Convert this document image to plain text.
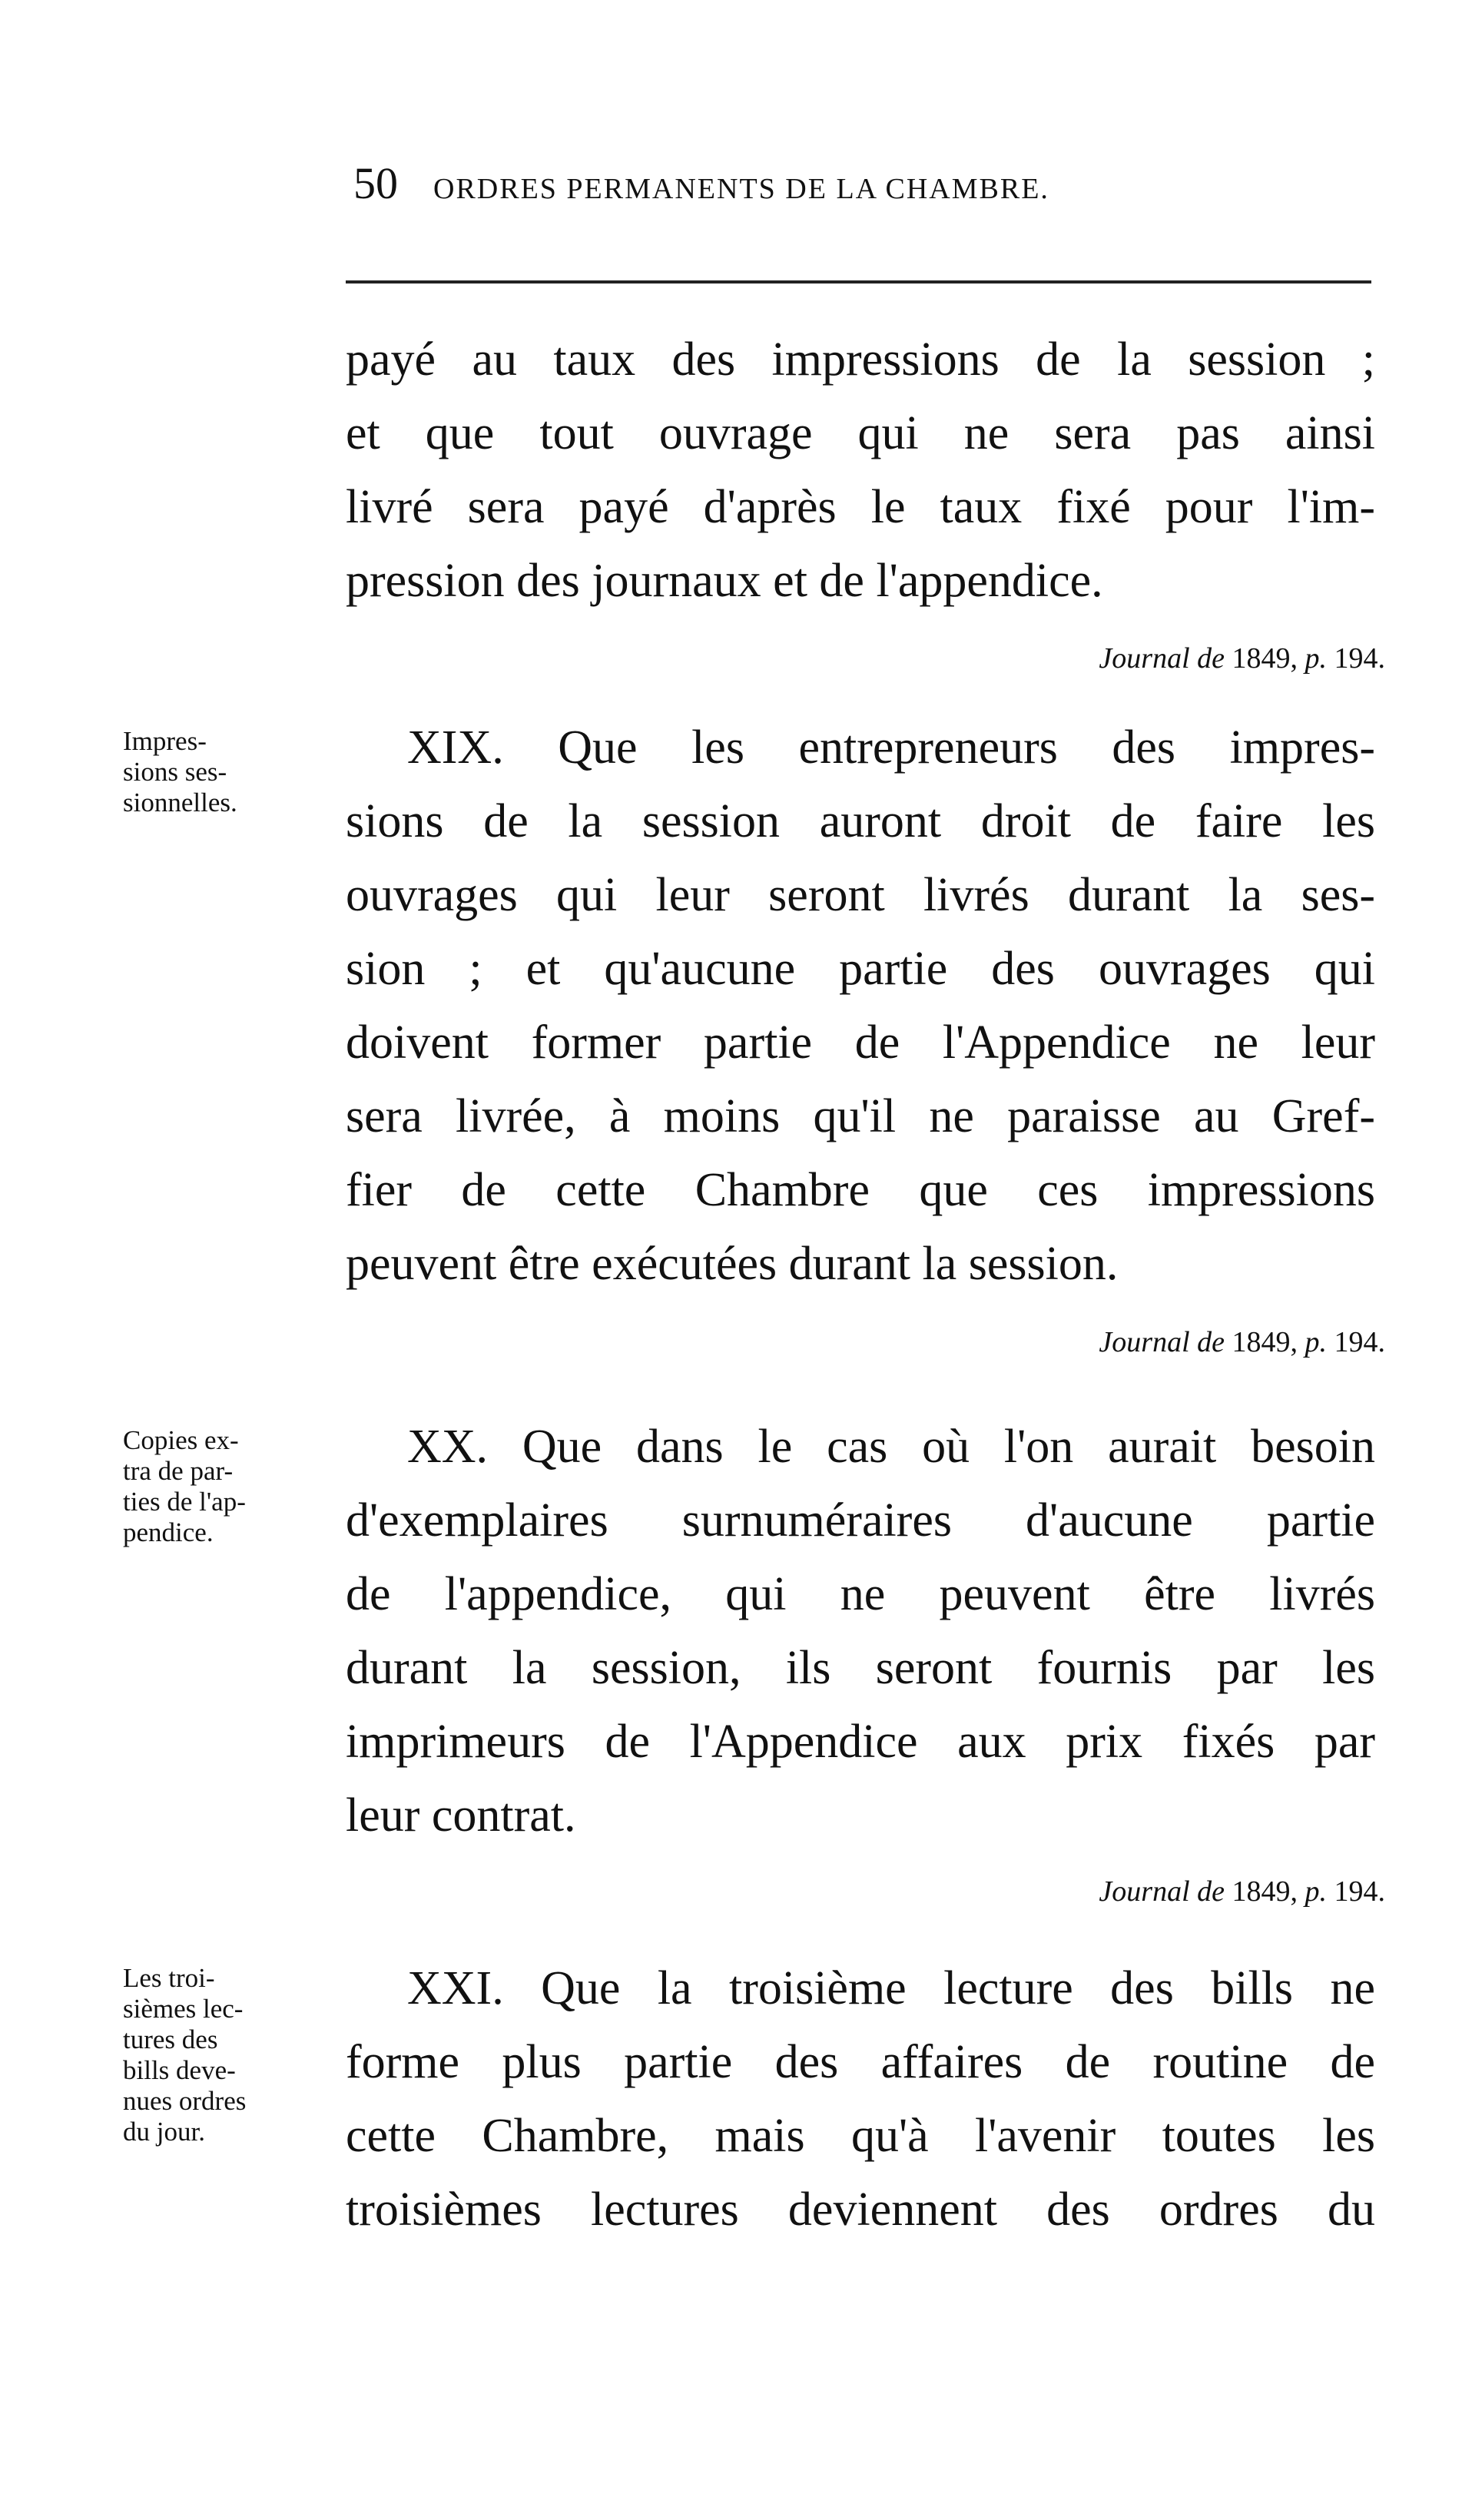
50 ORDRES PERMANENTS DE LA CHAMBRE.
payé au taux des impressions de la session ;
et que tout ouvrage qui ne sera pas ainsi
livré sera payé d'après le taux fixé pour l'im-
pression des journaux et de l'appendice.
Journal de 1849, p. 194.
Impres-
sions ses-
sionnelles.
XIX. Que les entrepreneurs des impres-
sions de la session auront droit de faire les
ouvrages qui leur seront livrés durant la ses-
sion ; et qu'aucune partie des ouvrages qui
doivent former partie de l'Appendice ne leur
sera livrée, à moins qu'il ne paraisse au Gref-
fier de cette Chambre que ces impressions
peuvent être exécutées durant la session.
Journal de 1849, p. 194.
Copies ex-
tra de par-
ties de l'ap-
pendice.
XX. Que dans le cas où l'on aurait besoin
d'exemplaires surnuméraires d'aucune partie
de l'appendice, qui ne peuvent être livrés
durant la session, ils seront fournis par les
imprimeurs de l'Appendice aux prix fixés par
leur contrat.
Journal de 1849, p. 194.
Les troi-
sièmes lec-
tures des
bills deve-
nues ordres
du jour.
XXI. Que la troisième lecture des bills ne
forme plus partie des affaires de routine de
cette Chambre, mais qu'à l'avenir toutes les
troisièmes lectures deviennent des ordres du
